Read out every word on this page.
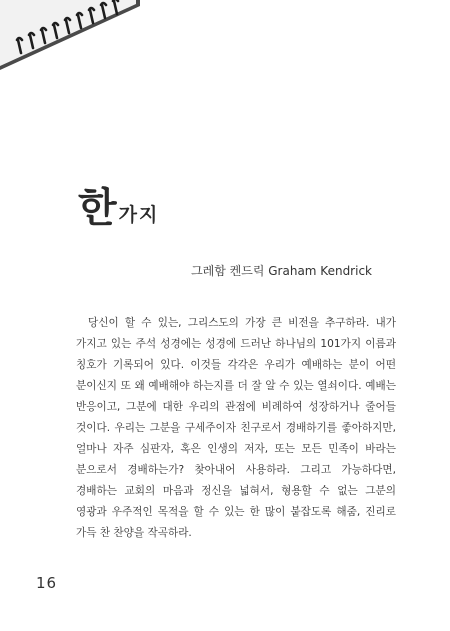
한 가지
그레함 켄드릭 Graham Kendrick
당신이 할 수 있는, 그리스도의 가장 큰 비전을 추구하라. 내가 가지고 있는 주석 성경에는 성경에 드러난 하나님의 101가지 이름과 칭호가 기록되어 있다. 이것들 각각은 우리가 예배하는 분이 어떤 분이신지 또 왜 예배해야 하는지를 더 잘 알 수 있는 열쇠이다. 예배는 반응이고, 그분에 대한 우리의 관점에 비례하여 성장하거나 줄어들 것이다. 우리는 그분을 구세주이자 친구로서 경배하기를 좋아하지만, 얼마나 자주 심판자, 혹은 인생의 저자, 또는 모든 민족이 바라는 분으로서 경배하는가? 찾아내어 사용하라. 그리고 가능하다면, 경배하는 교회의 마음과 정신을 넓혀서, 형용할 수 없는 그분의 영광과 우주적인 목적을 할 수 있는 한 많이 붙잡도록 해줌, 진리로 가득 찬 찬양을 작곡하라.
16
